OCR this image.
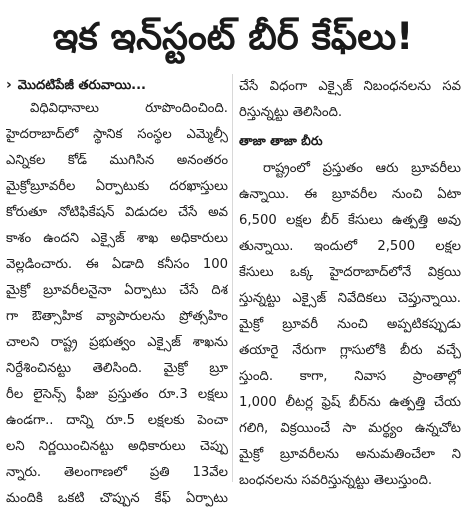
ఇక ఇన్‌స్టంట్‌ బీర్‌ కేఫ్‌లు!
› మొదటిపేజీ తరువాయి...
విధివిధానాలు రూపొందించింది.
హైదరాబాద్‌లో స్థానిక సంస్థల ఎమ్మెల్సీ
ఎన్నికల కోడ్‌ ముగిసిన అనంతరం
మైక్రోబ్రూవరీల ఏర్పాటుకు దరఖాస్తులు
కోరుతూ నోటిఫికేషన్‌ విడుదల చేసే అవ
కాశం ఉందని ఎక్సైజ్‌ శాఖ అధికారులు
వెల్లడించారు. ఈ ఏడాది కనీసం 100
మైక్రో బ్రూవరీలనైనా ఏర్పాటు చేసే దిశ
గా ఔత్సాహిక వ్యాపారులను ప్రోత్సహిం
చాలని రాష్ట్ర ప్రభుత్వం ఎక్సైజ్‌ శాఖను
నిర్దేశించినట్టు తెలిసింది. మైక్రో బ్రూ
రీల లైసెన్స్‌ ఫీజు ప్రస్తుతం రూ.3 లక్షలు
ఉండగా.. దాన్ని రూ.5 లక్షలకు పెంచా
లని నిర్ణయించినట్టు అధికారులు చెప్పు
న్నారు. తెలంగాణలో ప్రతి 13వేల
మందికి ఒకటి చొప్పున కేఫ్‌ ఏర్పాటు
చేసే విధంగా ఎక్సైజ్‌ నిబంధనలను సవ
రిస్తున్నట్టు తెలిసింది.
తాజా తాజా బీరు
రాష్ట్రంలో ప్రస్తుతం ఆరు బ్రూవరీలు
ఉన్నాయి. ఈ బ్రూవరీల నుంచి ఏటా
6,500 లక్షల బీర్‌ కేసులు ఉత్పత్తి అవు
తున్నాయి. ఇందులో 2,500 లక్షల
కేసులు ఒక్క హైదరాబాద్‌లోనే విక్రయి
స్తున్నట్టు ఎక్సైజ్‌ నివేదికలు చెప్తున్నాయి.
మైక్రో బ్రూవరీ నుంచి అప్పటికప్పుడు
తయారై నేరుగా గ్లాసులోకి బీరు వచ్చే
స్తుంది. కాగా, నివాస ప్రాంతాల్లో
1,000 లీటర్ల ఫ్రెష్‌ బీర్‌ను ఉత్పత్తి చేయ
గలిగి, విక్రయించే సా మర్థ్యం ఉన్నచోట
మైక్రో బ్రూవరీలను అనుమతించేలా ని
బంధనలను సవరిస్తున్నట్టు తెలుస్తుంది.
